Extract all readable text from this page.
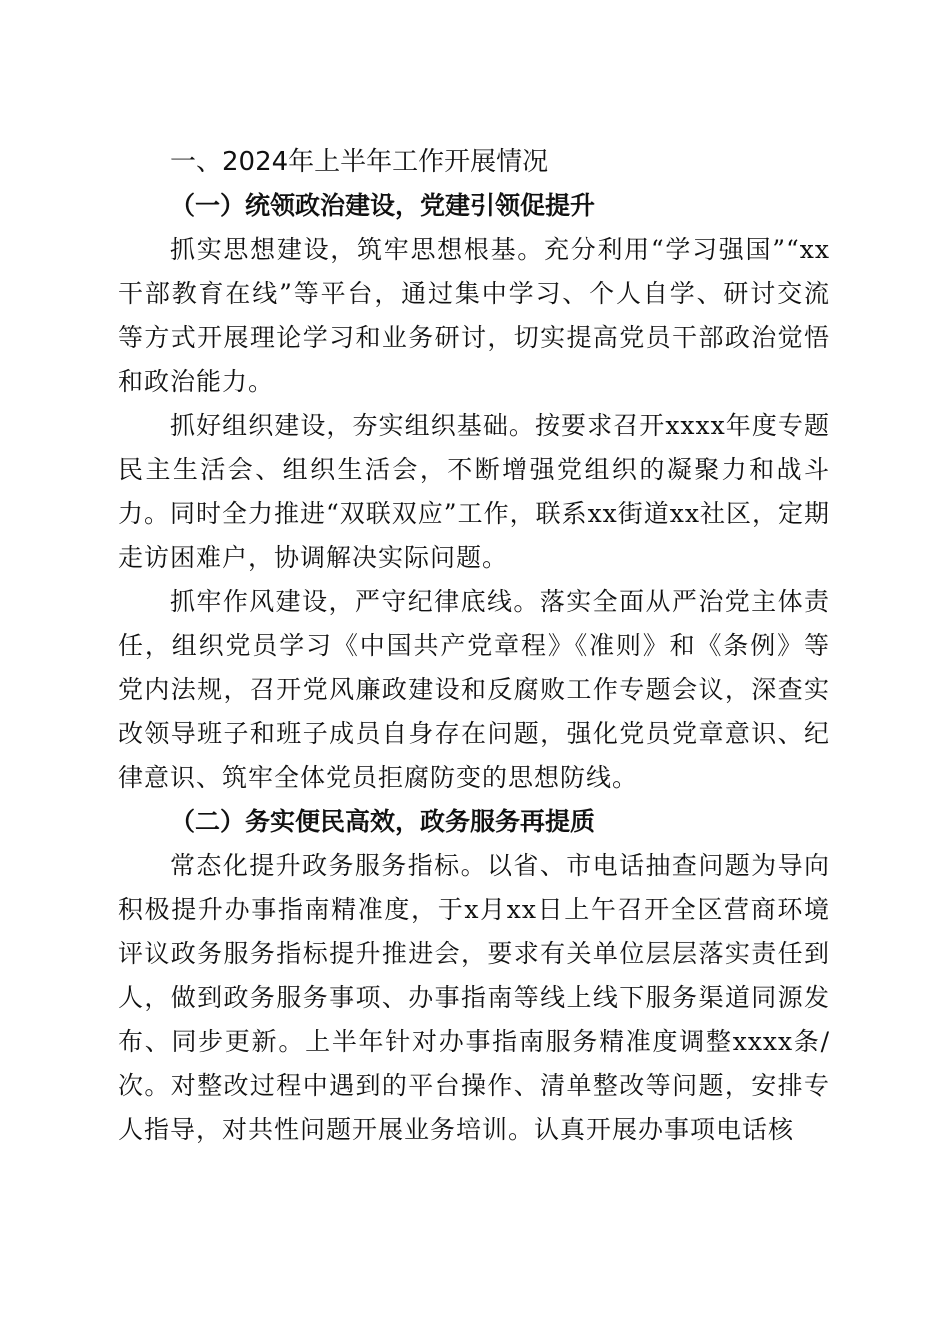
一、2024年上半年工作开展情况
（一）统领政治建设，党建引领促提升

抓实思想建设，筑牢思想根基。充分利用“学习强国”“xx干部教育在线”等平台，通过集中学习、个人自学、研讨交流等方式开展理论学习和业务研讨，切实提高党员干部政治觉悟和政治能力。

抓好组织建设，夯实组织基础。按要求召开xxxx年度专题民主生活会、组织生活会，不断增强党组织的凝聚力和战斗力。同时全力推进“双联双应”工作，联系xx街道xx社区，定期走访困难户，协调解决实际问题。

抓牢作风建设，严守纪律底线。落实全面从严治党主体责任，组织党员学习《中国共产党章程》《准则》和《条例》等党内法规，召开党风廉政建设和反腐败工作专题会议，深查实改领导班子和班子成员自身存在问题，强化党员党章意识、纪律意识、筑牢全体党员拒腐防变的思想防线。

（二）务实便民高效，政务服务再提质

常态化提升政务服务指标。以省、市电话抽查问题为导向积极提升办事指南精准度，于x月xx日上午召开全区营商环境评议政务服务指标提升推进会，要求有关单位层层落实责任到人，做到政务服务事项、办事指南等线上线下服务渠道同源发布、同步更新。上半年针对办事指南服务精准度调整xxxx条/次。对整改过程中遇到的平台操作、清单整改等问题，安排专人指导，对共性问题开展业务培训。认真开展办事项电话核
